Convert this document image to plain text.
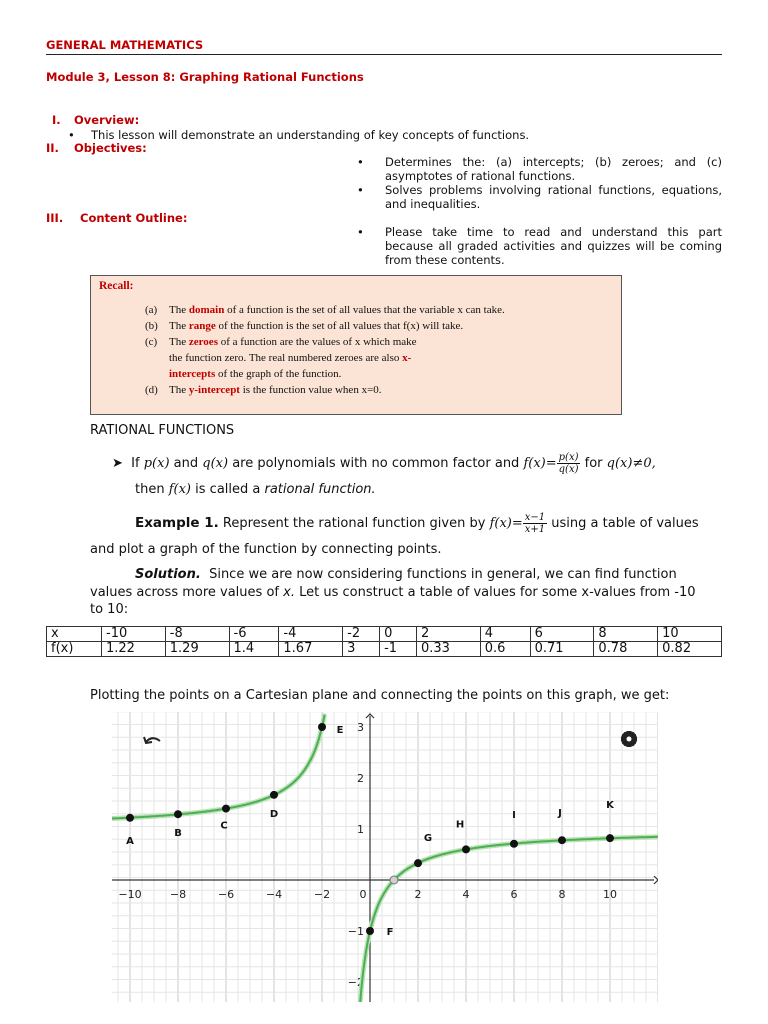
GENERAL MATHEMATICS
Module 3, Lesson 8: Graphing Rational Functions
I. Overview:
• This lesson will demonstrate an understanding of key concepts of functions.
II. Objectives:
• Determines the: (a) intercepts; (b) zeroes; and (c) asymptotes of rational functions.
• Solves problems involving rational functions, equations, and inequalities.
III. Content Outline:
• Please take time to read and understand this part because all graded activities and quizzes will be coming from these contents.
Recall:
(a) The domain of a function is the set of all values that the variable x can take.
(b) The range of the function is the set of all values that f(x) will take.
(c) The zeroes of a function are the values of x which make
the function zero. The real numbered zeroes are also x-
intercepts of the graph of the function.
(d) The y-intercept is the function value when x=0.
RATIONAL FUNCTIONS
➤ If p(x) and q(x) are polynomials with no common factor and $f(x)= \frac{p(x)}{q(x)}$ for q(x)≠0,
then f(x) is called a rational function.
Example 1. Represent the rational function given by $f(x)= \frac{x-1}{x+1}$ using a table of values
and plot a graph of the function by connecting points.
Solution. Since we are now considering functions in general, we can find function
values across more values of x. Let us construct a table of values for some x-values from -10
to 10:
x	-10	-8	-6	-4	-2	0	2	4	6	8	10
f(x)	1.22	1.29	1.4	1.67	3	-1	0.33	0.6	0.71	0.78	0.82
Plotting the points on a Cartesian plane and connecting the points on this graph, we get:
−10	−8	−6	−4	−2	0	2	4	6	8	10
3
2
1
−1
−2
A
B
C
D
E
F
G
H
I	J
K
